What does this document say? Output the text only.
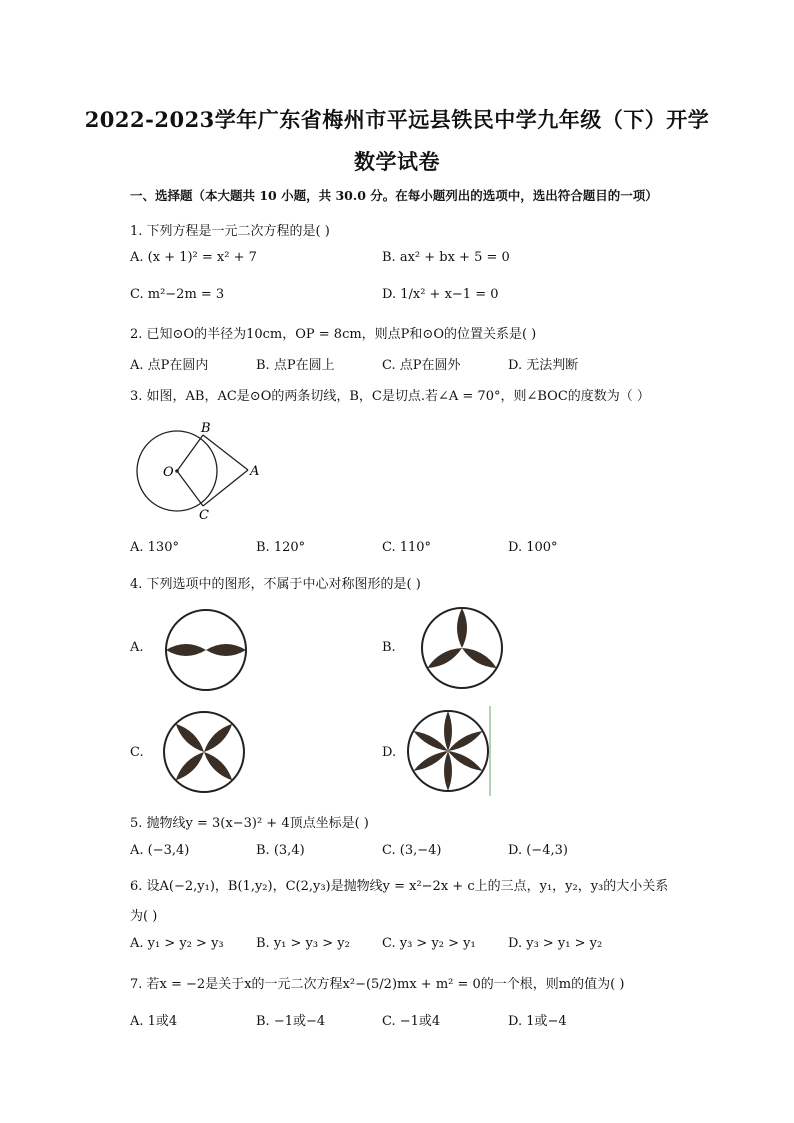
2022-2023学年广东省梅州市平远县铁民中学九年级（下）开学
数学试卷
一、选择题（本大题共 10 小题，共 30.0 分。在每小题列出的选项中，选出符合题目的一项）
1. 下列方程是一元二次方程的是( )
A. (x + 1)² = x² + 7	B. ax² + bx + 5 = 0
C. m²−2m = 3	D. 1/x² + x−1 = 0
2. 已知⊙O的半径为10cm，OP = 8cm，则点P和⊙O的位置关系是( )
A. 点P在圆内	B. 点P在圆上	C. 点P在圆外	D. 无法判断
3. 如图，AB，AC是⊙O的两条切线，B，C是切点.若∠A = 70°，则∠BOC的度数为（ ）
B
O	A
C
A. 130°	B. 120°	C. 110°	D. 100°
4. 下列选项中的图形，不属于中心对称图形的是( )
A.	B.
C.	D.
5. 抛物线y = 3(x−3)² + 4顶点坐标是( )
A. (−3,4)	B. (3,4)	C. (3,−4)	D. (−4,3)
6. 设A(−2,y₁)，B(1,y₂)，C(2,y₃)是抛物线y = x²−2x + c上的三点，y₁，y₂，y₃的大小关系
为( )
A. y₁ > y₂ > y₃ B. y₁ > y₃ > y₂ C. y₃ > y₂ > y₁ D. y₃ > y₁ > y₂
7. 若x = −2是关于x的一元二次方程x²−(5/2)mx + m² = 0的一个根，则m的值为( )
A. 1或4	B. −1或−4	C. −1或4	D. 1或−4
